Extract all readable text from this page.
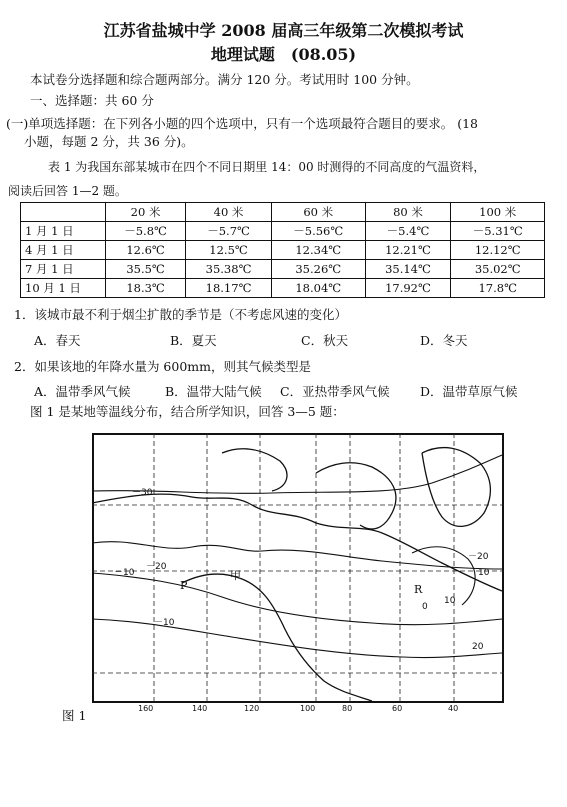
江苏省盐城中学 2008 届高三年级第二次模拟考试
地理试题　(08.05)
本试卷分选择题和综合题两部分。满分 120 分。考试用时 100 分钟。
一、选择题：共 60 分
(一)单项选择题：在下列各小题的四个选项中，只有一个选项最符合题目的要求。 (18
小题，每题 2 分，共 36 分)。
表 1 为我国东部某城市在四个不同日期里 14：00 时测得的不同高度的气温资料，
阅读后回答 1—2 题。
	20 米	40 米	60 米	80 米	100 米
1 月 1 日	－5.8℃	－5.7℃	－5.56℃	－5.4℃	－5.31℃
4 月 1 日	12.6℃	12.5℃	12.34℃	12.21℃	12.12℃
7 月 1 日	35.5℃	35.38℃	35.26℃	35.14℃	35.02℃
10 月 1 日	18.3℃	18.17℃	18.04℃	17.92℃	17.8℃
1．该城市最不利于烟尘扩散的季节是（不考虑风速的变化）
A．春天	B．夏天	C．秋天	D．冬天
2．如果该地的年降水量为 600mm，则其气候类型是
A．温带季风气候	B．温带大陆气候 C．亚热带季风气候 D．温带草原气候
图 1 是某地等温线分布，结合所学知识，回答 3—5 题：
－30
－20
－10
－10
－20
10
20
10
0
P
甲
R
160	140	120	100	80	60	40
图 1
